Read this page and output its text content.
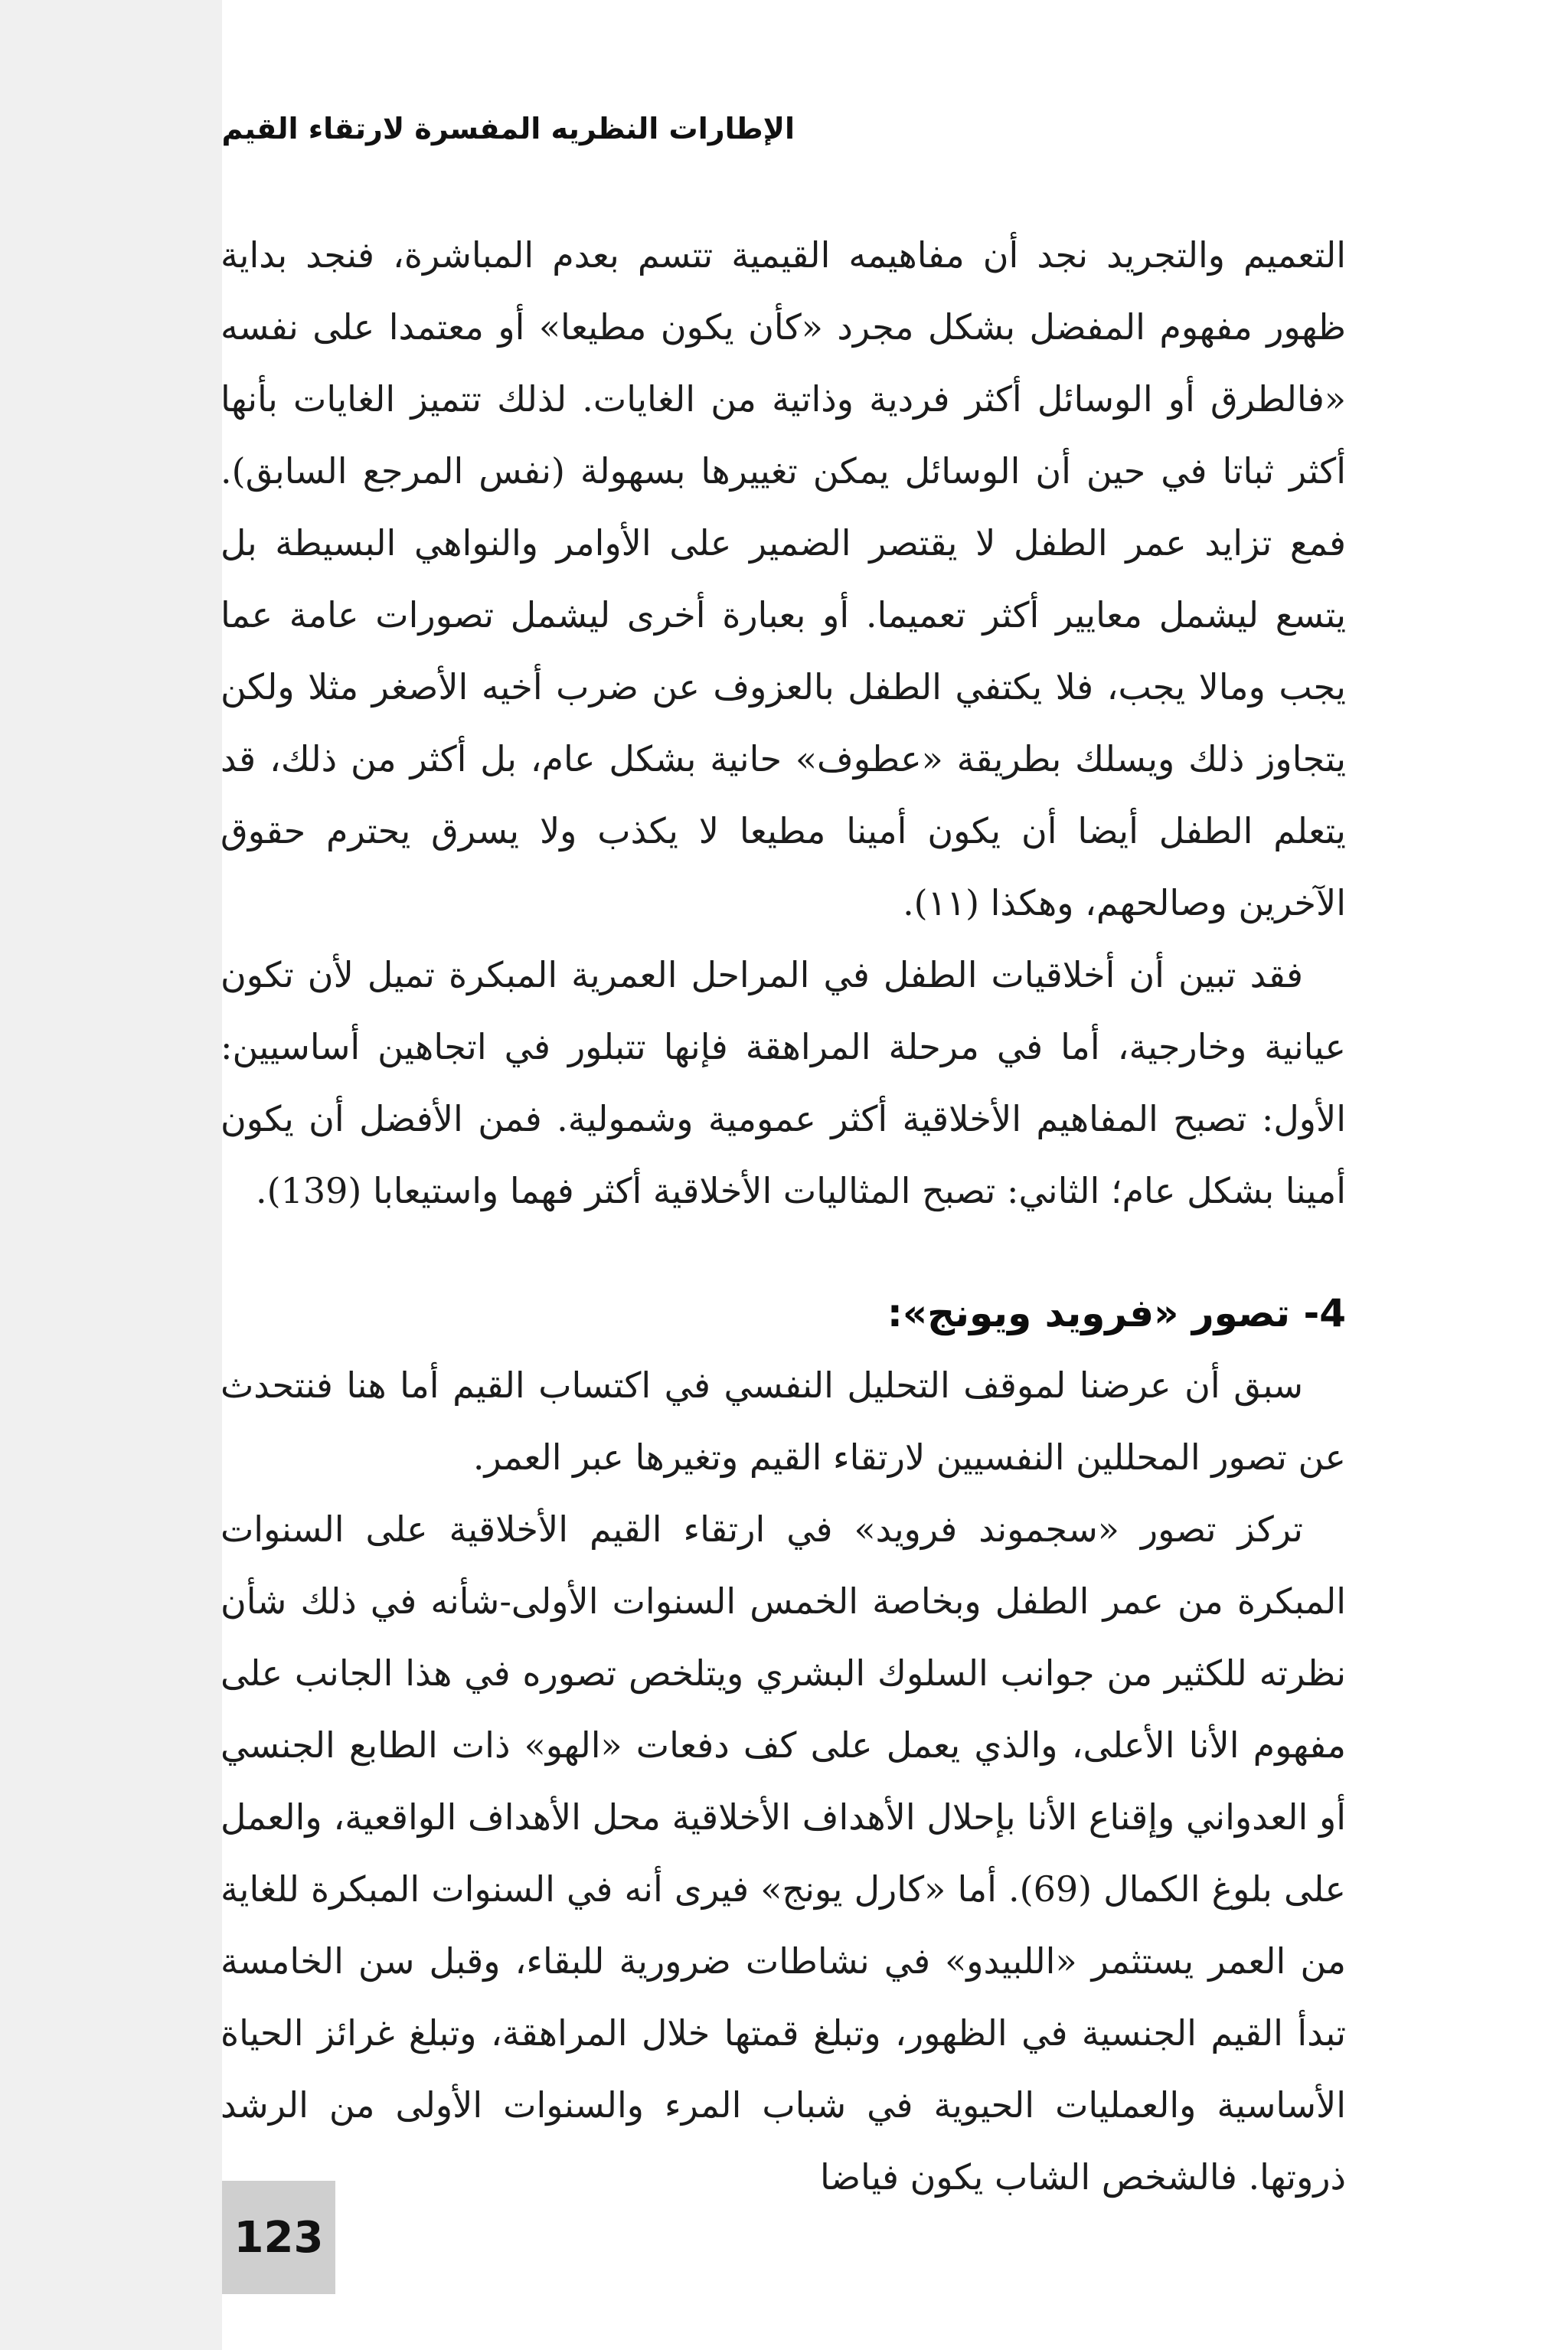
الإطارات النظريه المفسرة لارتقاء القيم

التعميم والتجريد نجد أن مفاهيمه القيمية تتسم بعدم المباشرة، فنجد بداية ظهور مفهوم المفضل بشكل مجرد «كأن يكون مطيعا» أو معتمدا على نفسه «فالطرق أو الوسائل أكثر فردية وذاتية من الغايات. لذلك تتميز الغايات بأنها أكثر ثباتا في حين أن الوسائل يمكن تغييرها بسهولة (نفس المرجع السابق). فمع تزايد عمر الطفل لا يقتصر الضمير على الأوامر والنواهي البسيطة بل يتسع ليشمل معايير أكثر تعميما. أو بعبارة أخرى ليشمل تصورات عامة عما يجب ومالا يجب، فلا يكتفي الطفل بالعزوف عن ضرب أخيه الأصغر مثلا ولكن يتجاوز ذلك ويسلك بطريقة «عطوف» حانية بشكل عام، بل أكثر من ذلك، قد يتعلم الطفل أيضا أن يكون أمينا مطيعا لا يكذب ولا يسرق يحترم حقوق الآخرين وصالحهم، وهكذا (١١).

فقد تبين أن أخلاقيات الطفل في المراحل العمرية المبكرة تميل لأن تكون عيانية وخارجية، أما في مرحلة المراهقة فإنها تتبلور في اتجاهين أساسيين: الأول: تصبح المفاهيم الأخلاقية أكثر عمومية وشمولية. فمن الأفضل أن يكون أمينا بشكل عام؛ الثاني: تصبح المثاليات الأخلاقية أكثر فهما واستيعابا (139).

4- تصور «فرويد ويونج»:

سبق أن عرضنا لموقف التحليل النفسي في اكتساب القيم أما هنا فنتحدث عن تصور المحللين النفسيين لارتقاء القيم وتغيرها عبر العمر.

تركز تصور «سجموند فرويد» في ارتقاء القيم الأخلاقية على السنوات المبكرة من عمر الطفل وبخاصة الخمس السنوات الأولى-شأنه في ذلك شأن نظرته للكثير من جوانب السلوك البشري ويتلخص تصوره في هذا الجانب على مفهوم الأنا الأعلى، والذي يعمل على كف دفعات «الهو» ذات الطابع الجنسي أو العدواني وإقناع الأنا بإحلال الأهداف الأخلاقية محل الأهداف الواقعية، والعمل على بلوغ الكمال (69). أما «كارل يونج» فيرى أنه في السنوات المبكرة للغاية من العمر يستثمر «اللبيدو» في نشاطات ضرورية للبقاء، وقبل سن الخامسة تبدأ القيم الجنسية في الظهور، وتبلغ قمتها خلال المراهقة، وتبلغ غرائز الحياة الأساسية والعمليات الحيوية في شباب المرء والسنوات الأولى من الرشد ذروتها. فالشخص الشاب يكون فياضا

123
